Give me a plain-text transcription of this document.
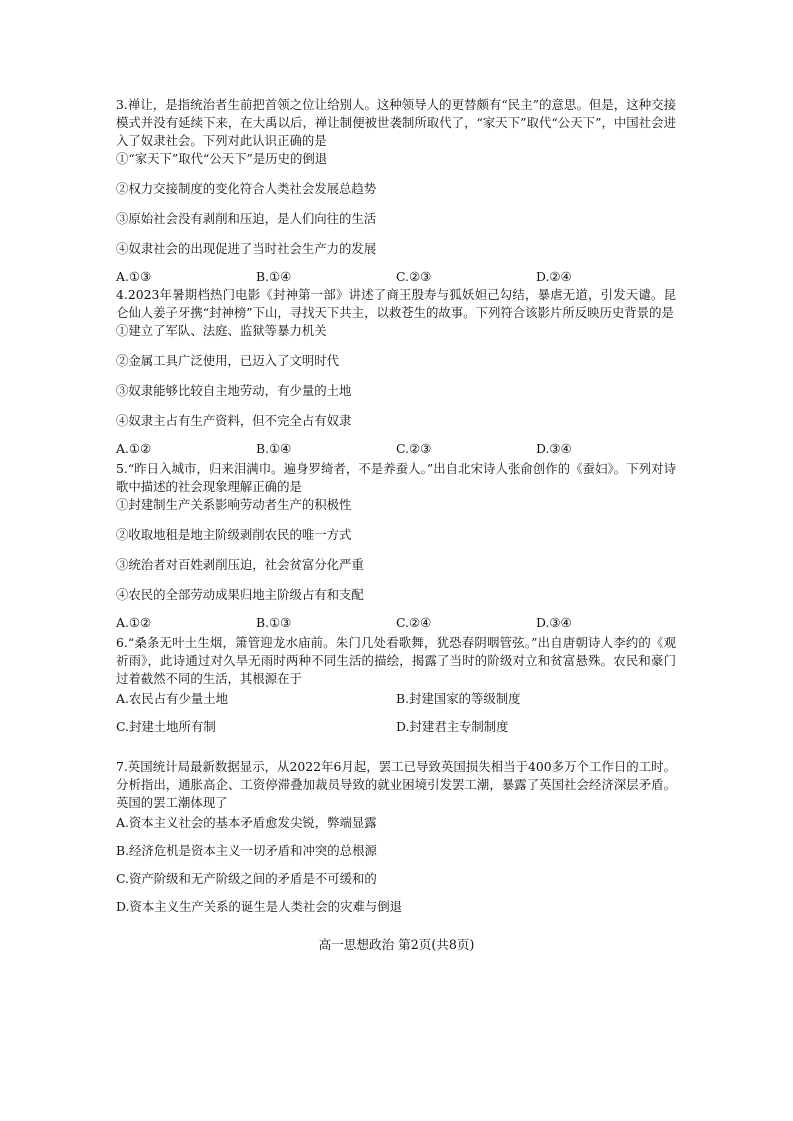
3.禅让，是指统治者生前把首领之位让给别人。这种领导人的更替颇有“民主”的意思。但是，这种交接模式并没有延续下来，在大禹以后，禅让制便被世袭制所取代了，“家天下”取代“公天下”，中国社会进入了奴隶社会。下列对此认识正确的是

①“家天下”取代“公天下”是历史的倒退

②权力交接制度的变化符合人类社会发展总趋势

③原始社会没有剥削和压迫，是人们向往的生活

④奴隶社会的出现促进了当时社会生产力的发展

A.①③	B.①④	C.②③	D.②④
4.2023年暑期档热门电影《封神第一部》讲述了商王殷寿与狐妖妲己勾结，暴虐无道，引发天谴。昆仑仙人姜子牙携“封神榜”下山，寻找天下共主，以救苍生的故事。下列符合该影片所反映历史背景的是

①建立了军队、法庭、监狱等暴力机关

②金属工具广泛使用，已迈入了文明时代

③奴隶能够比较自主地劳动，有少量的土地

④奴隶主占有生产资料，但不完全占有奴隶

A.①②	B.①④	C.②③	D.③④
5.“昨日入城市，归来泪满巾。遍身罗绮者，不是养蚕人。”出自北宋诗人张俞创作的《蚕妇》。下列对诗歌中描述的社会现象理解正确的是

①封建制生产关系影响劳动者生产的积极性

②收取地租是地主阶级剥削农民的唯一方式

③统治者对百姓剥削压迫，社会贫富分化严重

④农民的全部劳动成果归地主阶级占有和支配

A.①②	B.①③	C.②④	D.③④
6.“桑条无叶土生烟，箫管迎龙水庙前。朱门几处看歌舞，犹恐春阴咽管弦。”出自唐朝诗人李约的《观祈雨》，此诗通过对久旱无雨时两种不同生活的描绘，揭露了当时的阶级对立和贫富悬殊。农民和豪门过着截然不同的生活，其根源在于
A.农民占有少量土地	B.封建国家的等级制度
C.封建土地所有制	D.封建君主专制制度
7.英国统计局最新数据显示，从2022年6月起，罢工已导致英国损失相当于400多万个工作日的工时。分析指出，通胀高企、工资停滞叠加裁员导致的就业困境引发罢工潮，暴露了英国社会经济深层矛盾。英国的罢工潮体现了
A.资本主义社会的基本矛盾愈发尖锐，弊端显露
B.经济危机是资本主义一切矛盾和冲突的总根源
C.资产阶级和无产阶级之间的矛盾是不可缓和的
D.资本主义生产关系的诞生是人类社会的灾难与倒退
高一思想政治 第2页(共8页)
